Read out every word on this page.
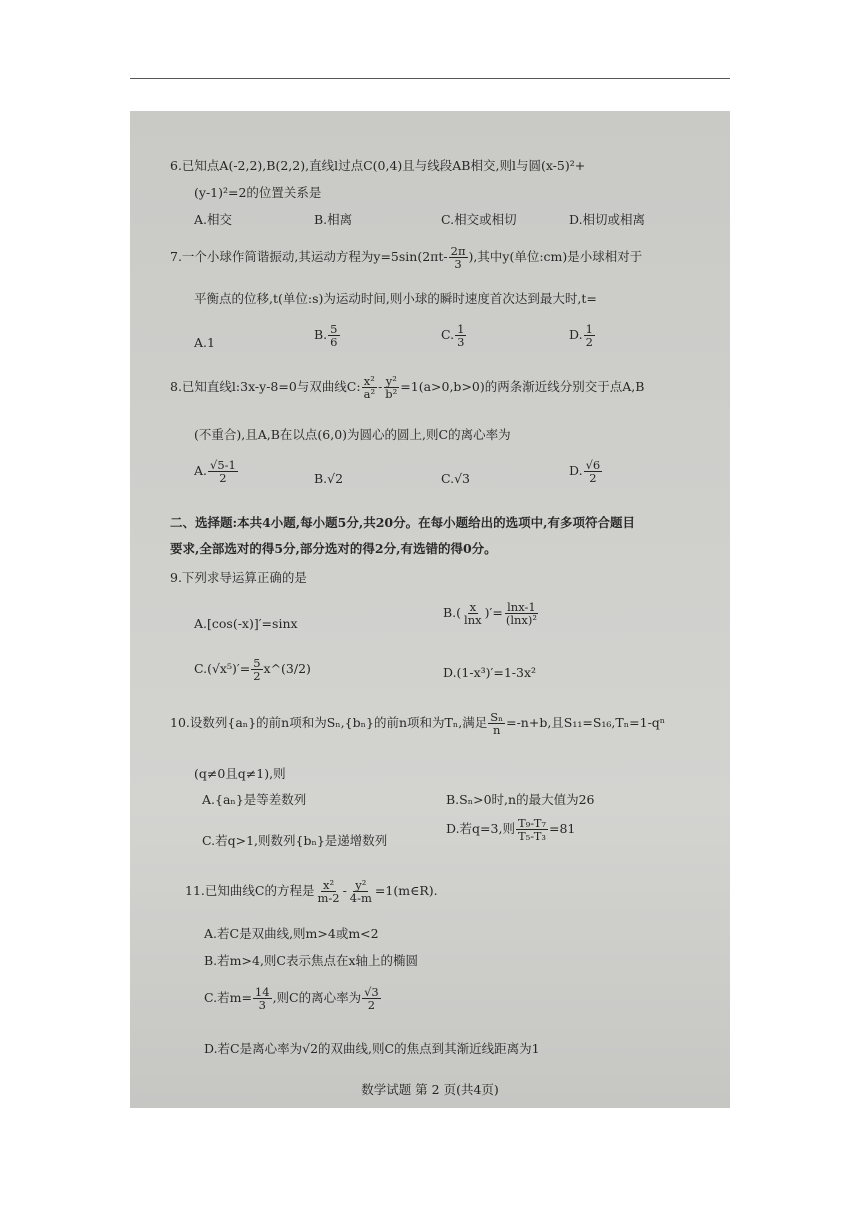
6.已知点A(-2,2),B(2,2),直线l过点C(0,4)且与线段AB相交,则l与圆(x-5)²+
(y-1)²=2的位置关系是
A.相交	B.相离	C.相交或相切	D.相切或相离
7.一个小球作简谐振动,其运动方程为$y=5\sin(2\pi t- \frac{2\pi}{3}$ ),其中y(单位:cm)是小球相对于
平衡点的位移,t(单位:s)为运动时间,则小球的瞬时速度首次达到最大时,t=
A.1
B. $\frac{5}{6}$	C. $\frac{1}{3}$	D. $\frac{1}{2}$
8.已知直线l:3x-y-8=0与双曲线C: $\frac{\text{x²}}{\text{a²}} - \frac{\text{y²}}{\text{b²}} =1(a>0,b>0)$的两条渐近线分别交于点A,B
(不重合),且A,B在以点(6,0)为圆心的圆上,则C的离心率为
A. $\frac{√5-1}{2}$	B.√2	C.√3
D. $\frac{√6}{2}$
二、选择题:本共4小题,每小题5分,共20分。在每小题给出的选项中,有多项符合题目
要求,全部选对的得5分,部分选对的得2分,有选错的得0分。
9.下列求导运算正确的是
A.[cos(-x)]′=sinx
$B.( \frac{x}{\ln x}$ )′= $\frac{\ln x-1}{\text{(lnx)²}}$
$C.(√x^5)'= \frac{5}{2}$ x^(3/2)	D.(1-x³)′=1-3x²
10.设数列{aₙ}的前n项和为Sₙ,{bₙ}的前n项和为Tₙ,满足 $\frac{\text{Sₙ}}{n} =-n+b$,且S₁₁=S₁₆,Tₙ=1-qⁿ
(q≠0且q≠1),则
A.{aₙ}是等差数列	B.Sₙ>0时,n的最大值为26
C.若q>1,则数列{bₙ}是递增数列
D.若q=3,则 $\frac{\text{T₉-T₇}}{\text{T₅-T₃}} =81$
11.已知曲线C的方程是 $\frac{\text{x²}}{m-2} - \frac{\text{y²}}{4-m}$ =1(m∈R).
A.若C是双曲线,则m>4或m<2
B.若m>4,则C表示焦点在x轴上的椭圆
C.若$m= \frac{14}{3}$ ,则C的离心率为 $\frac{√3}{2}$
D.若C是离心率为√2的双曲线,则C的焦点到其渐近线距离为1
数学试题 第 2 页(共4页)
